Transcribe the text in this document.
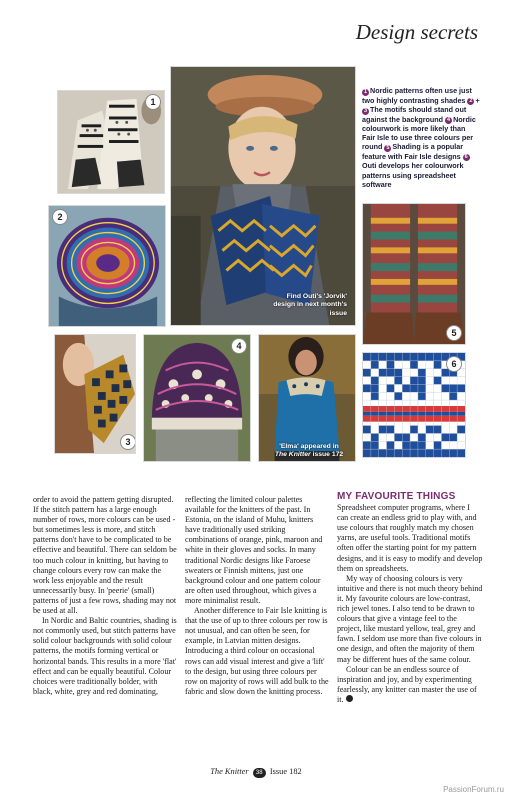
Design secrets
1
Find Outi's 'Jorvik' design in next month's issue
1 Nordic patterns often use just two highly contrasting shades 2 +3 The motifs should stand out against the background 4 Nordic colourwork is more likely than Fair Isle to use three colours per round 5 Shading is a popular feature with Fair Isle designs 6Outi develops her colourwork patterns using spreadsheet software
2
5
3
4
'Elma' appeared in
The Knitter issue 172
6

order to avoid the pattern getting disrupted. If the stitch pattern has a large enough number of rows, more colours can be used - but sometimes less is more, and stitch patterns don't have to be complicated to be effective and beautiful. There can seldom be too much colour in knitting, but having to change colours every row can make the work less enjoyable and the result unnecessarily busy. In 'peerie' (small) patterns of just a few rows, shading may not be used at all.

In Nordic and Baltic countries, shading is not commonly used, but stitch patterns have solid colour backgrounds with solid colour patterns, the motifs forming vertical or horizontal bands. This results in a more 'flat' effect and can be equally beautiful. Colour choices were traditionally bolder, with black, white, grey and red dominating,

reflecting the limited colour palettes available for the knitters of the past. In Estonia, on the island of Muhu, knitters have traditionally used striking combinations of orange, pink, maroon and white in their gloves and socks. In many traditional Nordic designs like Faroese sweaters or Finnish mittens, just one background colour and one pattern colour are often used throughout, which gives a more minimalist result.

Another difference to Fair Isle knitting is that the use of up to three colours per row is not unusual, and can often be seen, for example, in Latvian mitten designs. Introducing a third colour on occasional rows can add visual interest and give a 'lift' to the design, but using three colours per row on majority of rows will add bulk to the fabric and slow down the knitting process.

MY FAVOURITE THINGS

Spreadsheet computer programs, where I can create an endless grid to play with, and use colours that roughly match my chosen yarns, are useful tools. Traditional motifs often offer the starting point for my pattern designs, and it is easy to modify and develop them on spreadsheets.

My way of choosing colours is very intuitive and there is not much theory behind it. My favourite colours are low-contrast, rich jewel tones. I also tend to be drawn to colours that give a vintage feel to the project, like mustard yellow, teal, grey and fawn. I seldom use more than five colours in one design, and often the majority of them may be different hues of the same colour.

Colour can be an endless source of inspiration and joy, and by experimenting fearlessly, any knitter can master the use of it.

The Knitter 38 Issue 182
PassionForum.ru
